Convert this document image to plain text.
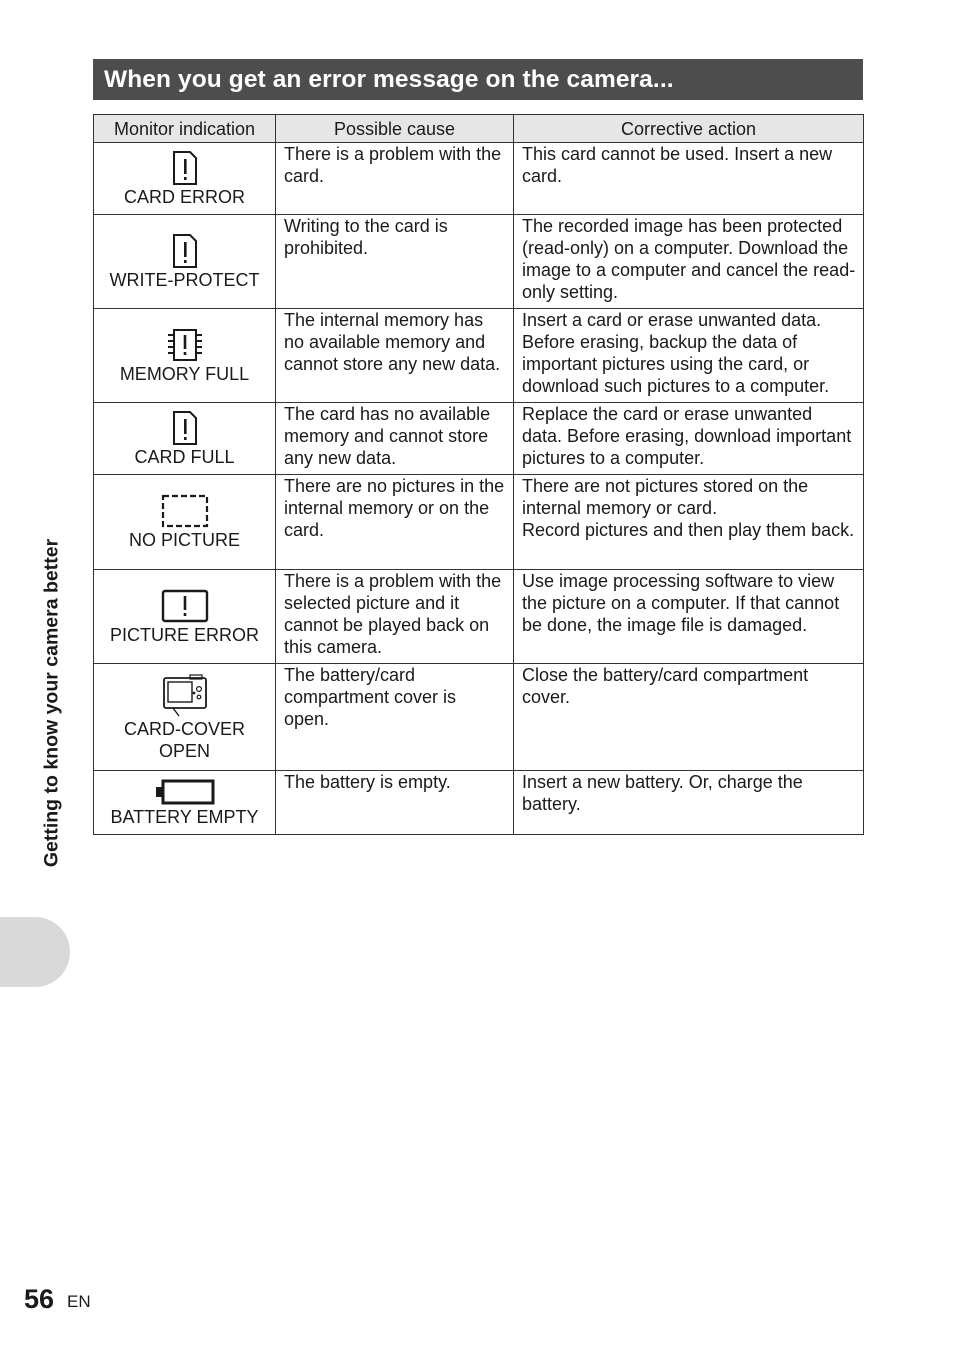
When you get an error message on the camera...
Monitor indication	Possible cause	Corrective action

CARD ERROR	There is a problem with the card.	This card cannot be used. Insert a new card.

WRITE-PROTECT	Writing to the card is prohibited.	The recorded image has been protected (read-only) on a computer. Download the image to a computer and cancel the read-only setting.

MEMORY FULL	The internal memory has no available memory and cannot store any new data.	Insert a card or erase unwanted data. Before erasing, backup the data of important pictures using the card, or download such pictures to a computer.

CARD FULL	The card has no available memory and cannot store any new data.	Replace the card or erase unwanted data. Before erasing, download important pictures to a computer.

NO PICTURE	There are no pictures in the internal memory or on the card.	There are not pictures stored on the internal memory or card.
Record pictures and then play them back.

PICTURE ERROR	There is a problem with the selected picture and it cannot be played back on this camera.	Use image processing software to view the picture on a computer. If that cannot be done, the image file is damaged.

CARD-COVER
OPEN	The battery/card compartment cover is open.	Close the battery/card compartment cover.

BATTERY EMPTY	The battery is empty.	Insert a new battery. Or, charge the battery.
Getting to know your camera better
56 EN
